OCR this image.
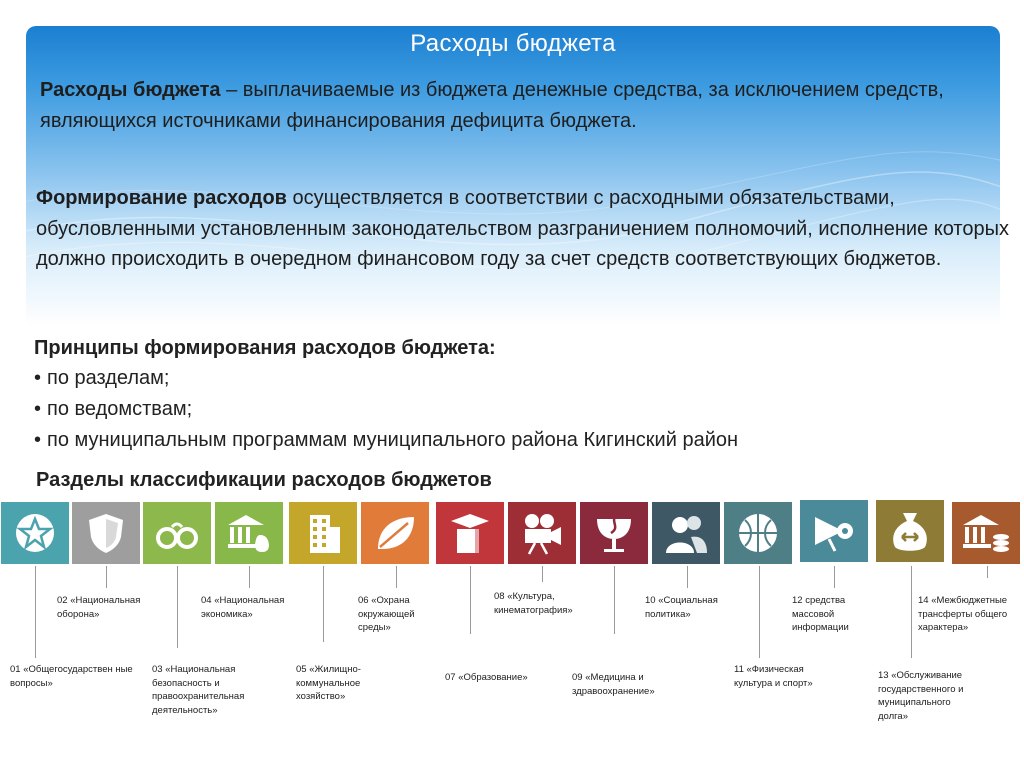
Расходы бюджета
Расходы бюджета – выплачиваемые из бюджета денежные средства, за исключением средств, являющихся источниками финансирования дефицита бюджета.
Формирование расходов осуществляется в соответствии с расходными обязательствами, обусловленными установленным законодательством разграничением полномочий, исполнение которых должно происходить в очередном финансовом году за счет средств соответствующих бюджетов.
Принципы формирования расходов бюджета:
• по разделам;
• по ведомствам;
• по муниципальным программам муниципального района Кигинский район
Разделы классификации расходов бюджетов
01 «Общегосударствен ные вопросы»
02 «Национальная оборона»
03 «Национальная безопасность и правоохранительная деятельность»
04 «Национальная экономика»
05 «Жилищно-коммунальное хозяйство»
06 «Охрана окружающей среды»
07 «Образование»
08 «Культура, кинематография»
09 «Медицина и здравоохранение»
10 «Социальная политика»
11 «Физическая культура и спорт»
12 средства массовой информации
13 «Обслуживание государственного и муниципального долга»
14 «Межбюджетные трансферты общего характера»
